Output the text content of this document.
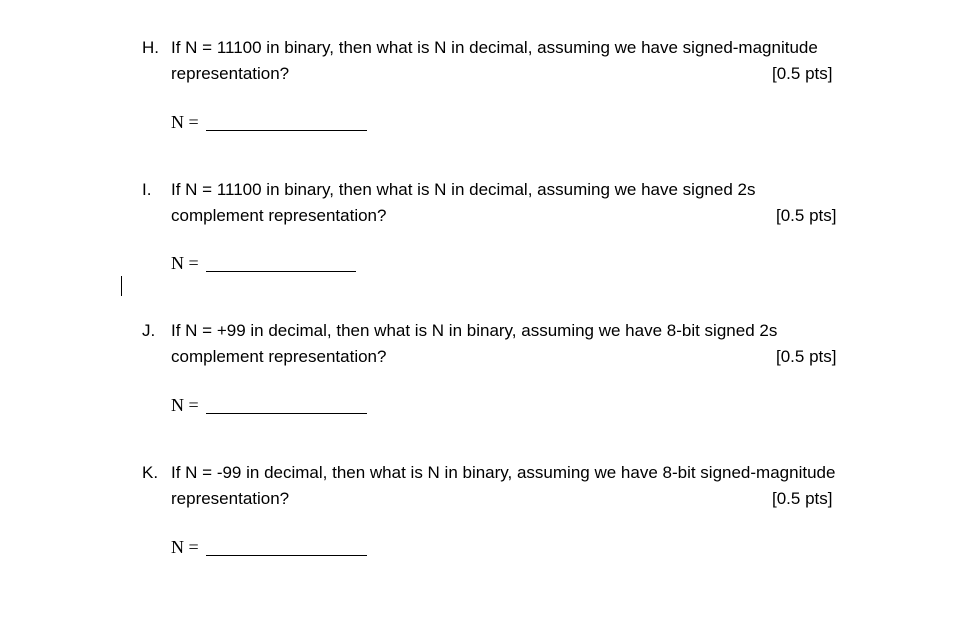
H. If N = 11100 in binary, then what is N in decimal, assuming we have signed-magnitude
representation?	[0.5 pts]
N =
I. If N = 11100 in binary, then what is N in decimal, assuming we have signed 2s
complement representation?	[0.5 pts]
N =
J. If N = +99 in decimal, then what is N in binary, assuming we have 8-bit signed 2s
complement representation?	[0.5 pts]
N =
K. If N = -99 in decimal, then what is N in binary, assuming we have 8-bit signed-magnitude
representation?	[0.5 pts]
N =
